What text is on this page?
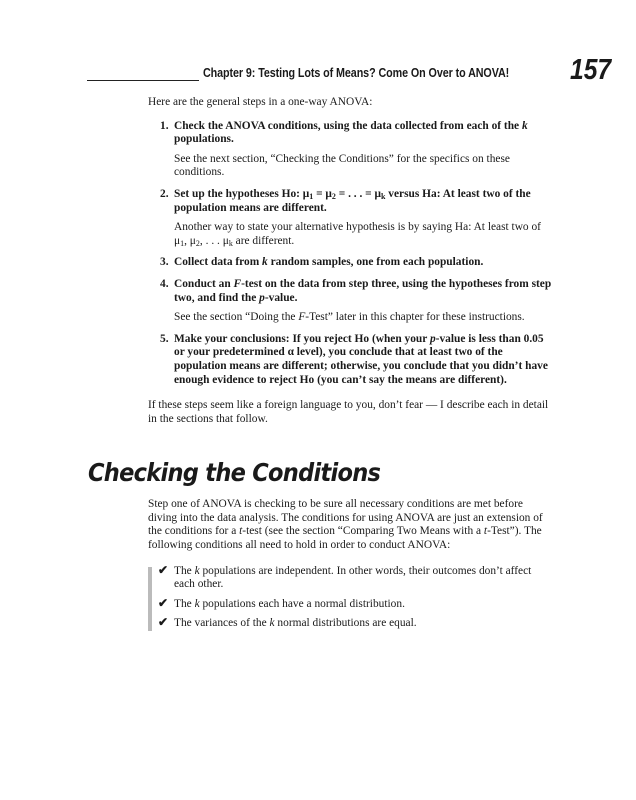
Chapter 9: Testing Lots of Means? Come On Over to ANOVA! 157
Here are the general steps in a one-way ANOVA:
1. Check the ANOVA conditions, using the data collected from each of the k populations.
See the next section, “Checking the Conditions” for the specifics on these conditions.
2. Set up the hypotheses Ho: $\mu_1 = \mu_2$ = . . . = $\mu_k$ versus Ha: At least two of the population means are different.
Another way to state your alternative hypothesis is by saying Ha: At least two of $\mu_1$, $\mu_2$, . . . $\mu_k$ are different.
3. Collect data from k random samples, one from each population.
4. Conduct an F-test on the data from step three, using the hypotheses from step two, and find the p-value.
See the section “Doing the F-Test” later in this chapter for these instructions.
5. Make your conclusions: If you reject Ho (when your p-value is less than 0.05 or your predetermined α level), you conclude that at least two of the population means are different; otherwise, you conclude that you didn’t have enough evidence to reject Ho (you can’t say the means are different).
If these steps seem like a foreign language to you, don’t fear — I describe each in detail in the sections that follow.
Checking the Conditions
Step one of ANOVA is checking to be sure all necessary conditions are met before diving into the data analysis. The conditions for using ANOVA are just an extension of the conditions for a t-test (see the section “Comparing Two Means with a t-Test”). The following conditions all need to hold in order to conduct ANOVA:
✔ The k populations are independent. In other words, their outcomes don’t affect each other.
✔ The k populations each have a normal distribution.
✔ The variances of the k normal distributions are equal.
